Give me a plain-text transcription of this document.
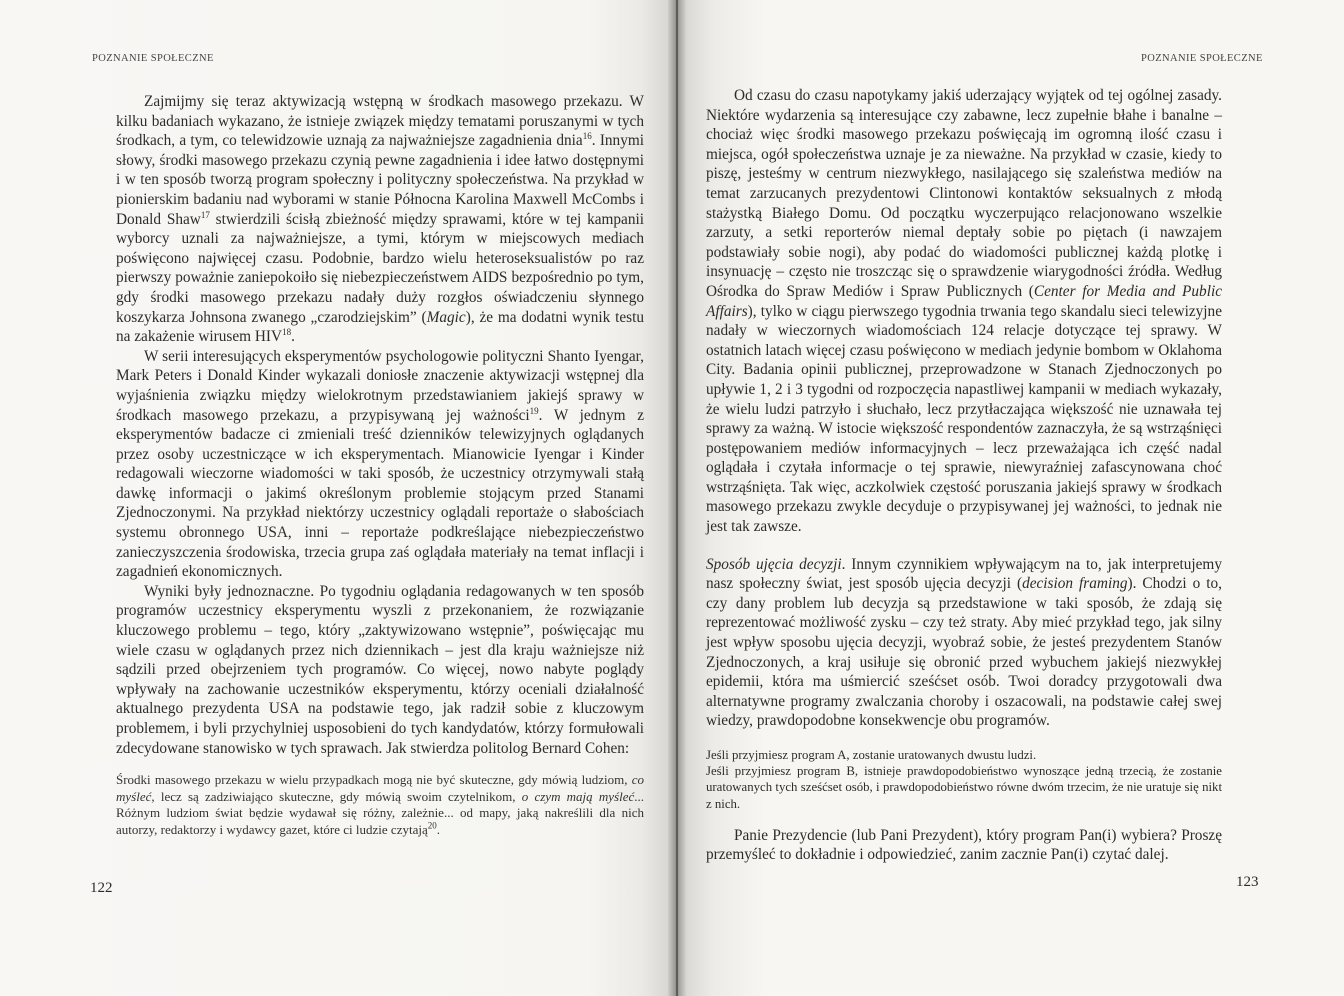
POZNANIE SPOŁECZNE	POZNANIE SPOŁECZNE

Zajmijmy się teraz aktywizacją wstępną w środkach masowego przekazu. W kilku badaniach wykazano, że istnieje związek między tematami poruszanymi w tych środkach, a tym, co telewidzowie uznają za najważniejsze zagadnienia dnia$^{16}$. Innymi słowy, środki masowego przekazu czynią pewne zagadnienia i idee łatwo dostępnymi i w ten sposób tworzą program społeczny i polityczny społeczeństwa. Na przykład w pionierskim badaniu nad wyborami w stanie Północna Karolina Maxwell McCombs i Donald Shaw$^{17}$ stwierdzili ścisłą zbieżność między sprawami, które w tej kampanii wyborcy uznali za najważniejsze, a tymi, którym w miejscowych mediach poświęcono najwięcej czasu. Podobnie, bardzo wielu heteroseksualistów po raz pierwszy poważnie zaniepokoiło się niebezpieczeństwem AIDS bezpośrednio po tym, gdy środki masowego przekazu nadały duży rozgłos oświadczeniu słynnego koszykarza Johnsona zwanego „czarodziejskim” (Magic), że ma dodatni wynik testu na zakażenie wirusem HIV$^{18}$.

W serii interesujących eksperymentów psychologowie polityczni Shanto Iyengar, Mark Peters i Donald Kinder wykazali doniosłe znaczenie aktywizacji wstępnej dla wyjaśnienia związku między wielokrotnym przedstawianiem jakiejś sprawy w środkach masowego przekazu, a przypisywaną jej ważności$^{19}$. W jednym z eksperymentów badacze ci zmieniali treść dzienników telewizyjnych oglądanych przez osoby uczestniczące w ich eksperymentach. Mianowicie Iyengar i Kinder redagowali wieczorne wiadomości w taki sposób, że uczestnicy otrzymywali stałą dawkę informacji o jakimś określonym problemie stojącym przed Stanami Zjednoczonymi. Na przykład niektórzy uczestnicy oglądali reportaże o słabościach systemu obronnego USA, inni – reportaże podkreślające niebezpieczeństwo zanieczyszczenia środowiska, trzecia grupa zaś oglądała materiały na temat inflacji i zagadnień ekonomicznych.

Wyniki były jednoznaczne. Po tygodniu oglądania redagowanych w ten sposób programów uczestnicy eksperymentu wyszli z przekonaniem, że rozwiązanie kluczowego problemu – tego, który „zaktywizowano wstępnie”, poświęcając mu wiele czasu w oglądanych przez nich dziennikach – jest dla kraju ważniejsze niż sądzili przed obejrzeniem tych programów. Co więcej, nowo nabyte poglądy wpływały na zachowanie uczestników eksperymentu, którzy oceniali działalność aktualnego prezydenta USA na podstawie tego, jak radził sobie z kluczowym problemem, i byli przychylniej usposobieni do tych kandydatów, którzy formułowali zdecydowane stanowisko w tych sprawach. Jak stwierdza politolog Bernard Cohen:

Środki masowego przekazu w wielu przypadkach mogą nie być skuteczne, gdy mówią ludziom, co myśleć, lecz są zadziwiająco skuteczne, gdy mówią swoim czytelnikom, o czym mają myśleć... Różnym ludziom świat będzie wydawał się różny, zależnie... od mapy, jaką nakreślili dla nich autorzy, redaktorzy i wydawcy gazet, które ci ludzie czytają$^{20}$.

122

Od czasu do czasu napotykamy jakiś uderzający wyjątek od tej ogólnej zasady. Niektóre wydarzenia są interesujące czy zabawne, lecz zupełnie błahe i banalne – chociaż więc środki masowego przekazu poświęcają im ogromną ilość czasu i miejsca, ogół społeczeństwa uznaje je za nieważne. Na przykład w czasie, kiedy to piszę, jesteśmy w centrum niezwykłego, nasilającego się szaleństwa mediów na temat zarzucanych prezydentowi Clintonowi kontaktów seksualnych z młodą stażystką Białego Domu. Od początku wyczerpująco relacjonowano wszelkie zarzuty, a setki reporterów niemal deptały sobie po piętach (i nawzajem podstawiały sobie nogi), aby podać do wiadomości publicznej każdą plotkę i insynuację – często nie troszcząc się o sprawdzenie wiarygodności źródła. Według Ośrodka do Spraw Mediów i Spraw Publicznych (Center for Media and Public Affairs), tylko w ciągu pierwszego tygodnia trwania tego skandalu sieci telewizyjne nadały w wieczornych wiadomościach 124 relacje dotyczące tej sprawy. W ostatnich latach więcej czasu poświęcono w mediach jedynie bombom w Oklahoma City. Badania opinii publicznej, przeprowadzone w Stanach Zjednoczonych po upływie 1, 2 i 3 tygodni od rozpoczęcia napastliwej kampanii w mediach wykazały, że wielu ludzi patrzyło i słuchało, lecz przytłaczająca większość nie uznawała tej sprawy za ważną. W istocie większość respondentów zaznaczyła, że są wstrząśnięci postępowaniem mediów informacyjnych – lecz przeważająca ich część nadal oglądała i czytała informacje o tej sprawie, niewyraźniej zafascynowana choć wstrząśnięta. Tak więc, aczkolwiek częstość poruszania jakiejś sprawy w środkach masowego przekazu zwykle decyduje o przypisywanej jej ważności, to jednak nie jest tak zawsze.

Sposób ujęcia decyzji. Innym czynnikiem wpływającym na to, jak interpretujemy nasz społeczny świat, jest sposób ujęcia decyzji (decision framing). Chodzi o to, czy dany problem lub decyzja są przedstawione w taki sposób, że zdają się reprezentować możliwość zysku – czy też straty. Aby mieć przykład tego, jak silny jest wpływ sposobu ujęcia decyzji, wyobraź sobie, że jesteś prezydentem Stanów Zjednoczonych, a kraj usiłuje się obronić przed wybuchem jakiejś niezwykłej epidemii, która ma uśmiercić sześćset osób. Twoi doradcy przygotowali dwa alternatywne programy zwalczania choroby i oszacowali, na podstawie całej swej wiedzy, prawdopodobne konsekwencje obu programów.

Jeśli przyjmiesz program A, zostanie uratowanych dwustu ludzi.

Jeśli przyjmiesz program B, istnieje prawdopodobieństwo wynoszące jedną trzecią, że zostanie uratowanych tych sześćset osób, i prawdopodobieństwo równe dwóm trzecim, że nie uratuje się nikt z nich.

Panie Prezydencie (lub Pani Prezydent), który program Pan(i) wybiera? Proszę przemyśleć to dokładnie i odpowiedzieć, zanim zacznie Pan(i) czytać dalej.

123
